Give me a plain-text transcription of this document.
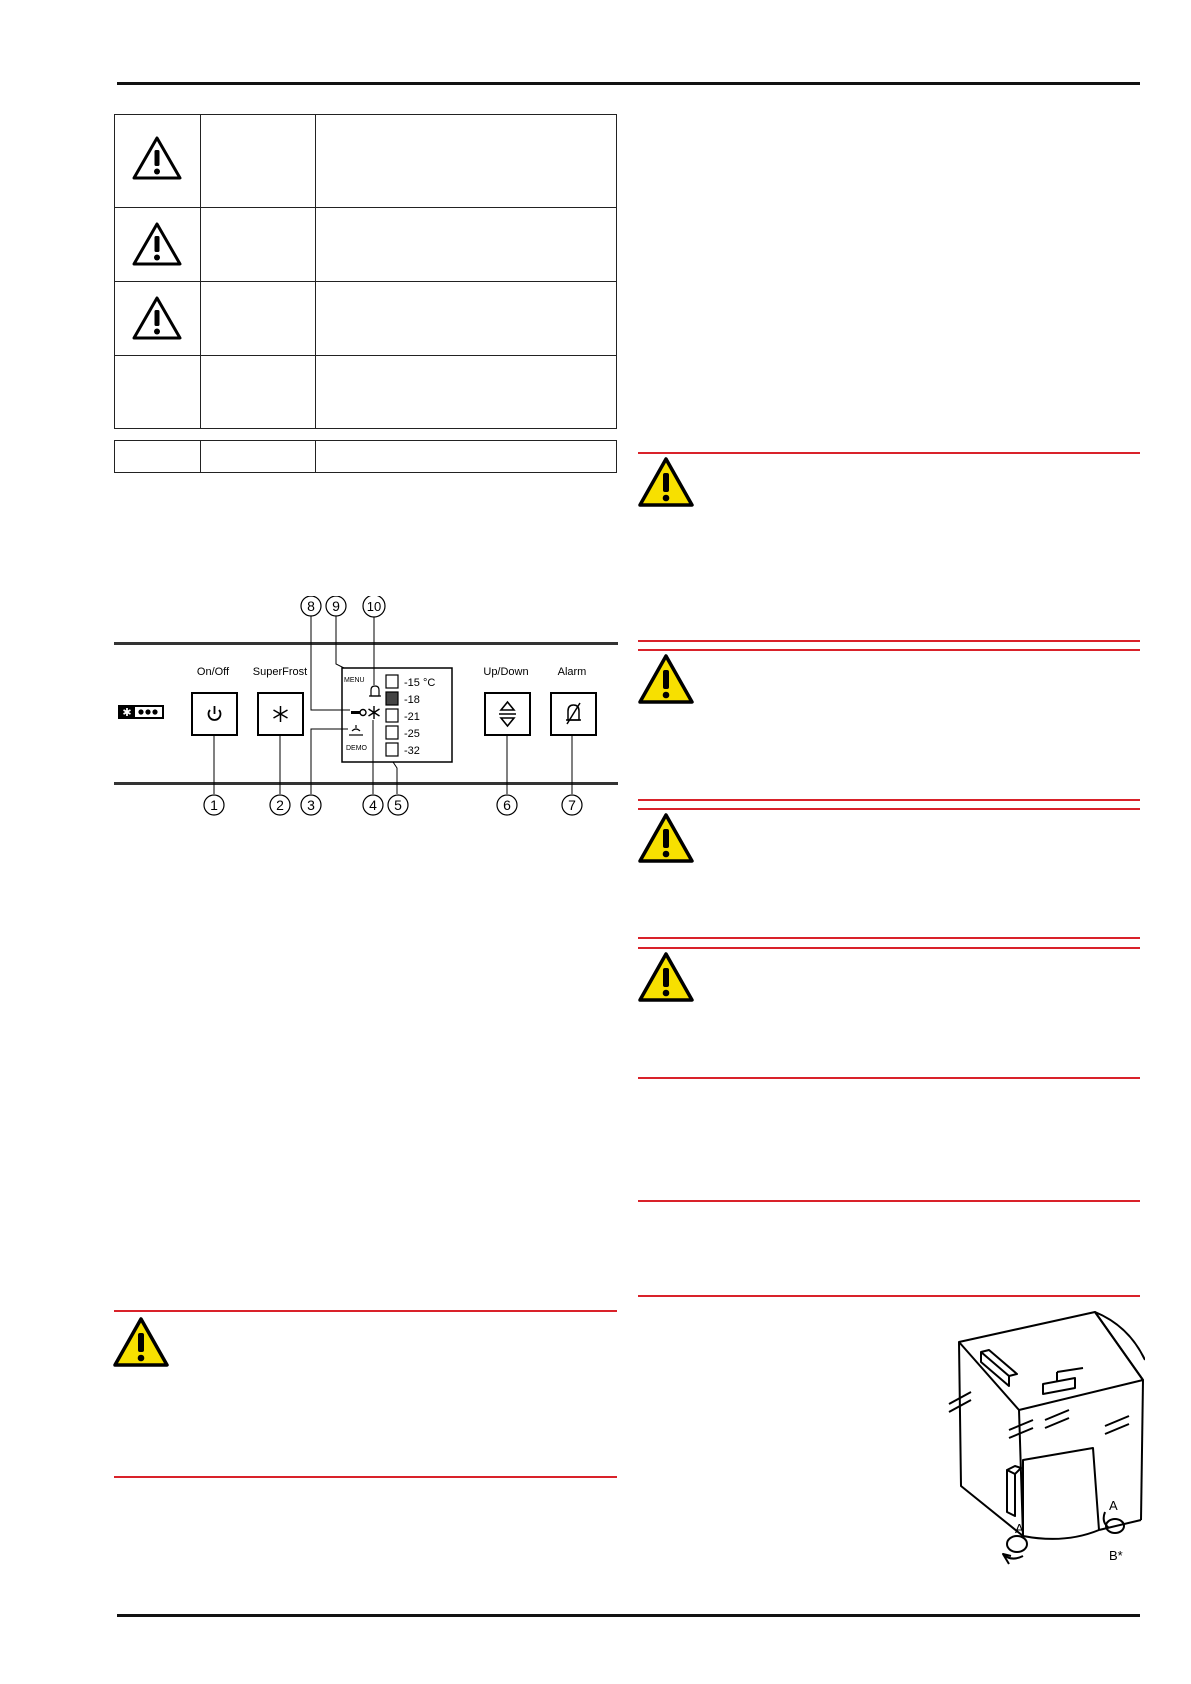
✱
On/Off SuperFrost	Up/Down	Alarm
MENU
DEMO
-15 °C
-18
-21
-25
-32
1	2 3	4 5	6	7
8 9 10
A
A
B*
